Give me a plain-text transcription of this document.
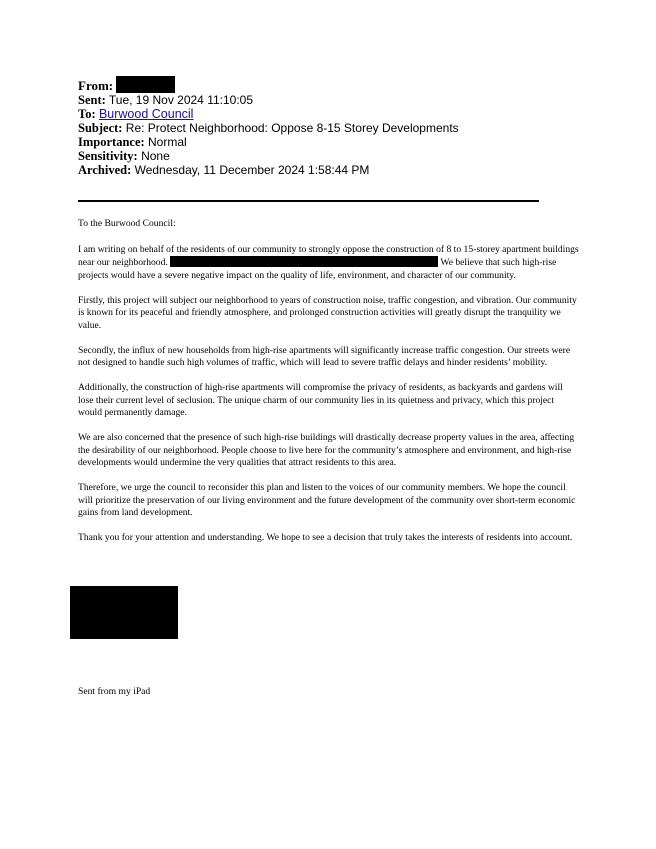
From:
Sent: Tue, 19 Nov 2024 11:10:05
To: Burwood Council
Subject: Re: Protect Neighborhood: Oppose 8-15 Storey Developments
Importance: Normal
Sensitivity: None
Archived: Wednesday, 11 December 2024 1:58:44 PM

To the Burwood Council:

I am writing on behalf of the residents of our community to strongly oppose the construction of 8 to 15-storey apartment buildings near our neighborhood.	We believe that such high-rise projects would have a severe negative impact on the quality of life, environment, and character of our community.

Firstly, this project will subject our neighborhood to years of construction noise, traffic congestion, and vibration. Our community is known for its peaceful and friendly atmosphere, and prolonged construction activities will greatly disrupt the tranquility we value.

Secondly, the influx of new households from high-rise apartments will significantly increase traffic congestion. Our streets were not designed to handle such high volumes of traffic, which will lead to severe traffic delays and hinder residents’ mobility.

Additionally, the construction of high-rise apartments will compromise the privacy of residents, as backyards and gardens will lose their current level of seclusion. The unique charm of our community lies in its quietness and privacy, which this project would permanently damage.

We are also concerned that the presence of such high-rise buildings will drastically decrease property values in the area, affecting the desirability of our neighborhood. People choose to live here for the community’s atmosphere and environment, and high-rise developments would undermine the very qualities that attract residents to this area.

Therefore, we urge the council to reconsider this plan and listen to the voices of our community members. We hope the council will prioritize the preservation of our living environment and the future development of the community over short-term economic gains from land development.

Thank you for your attention and understanding. We hope to see a decision that truly takes the interests of residents into account.

Sent from my iPad
